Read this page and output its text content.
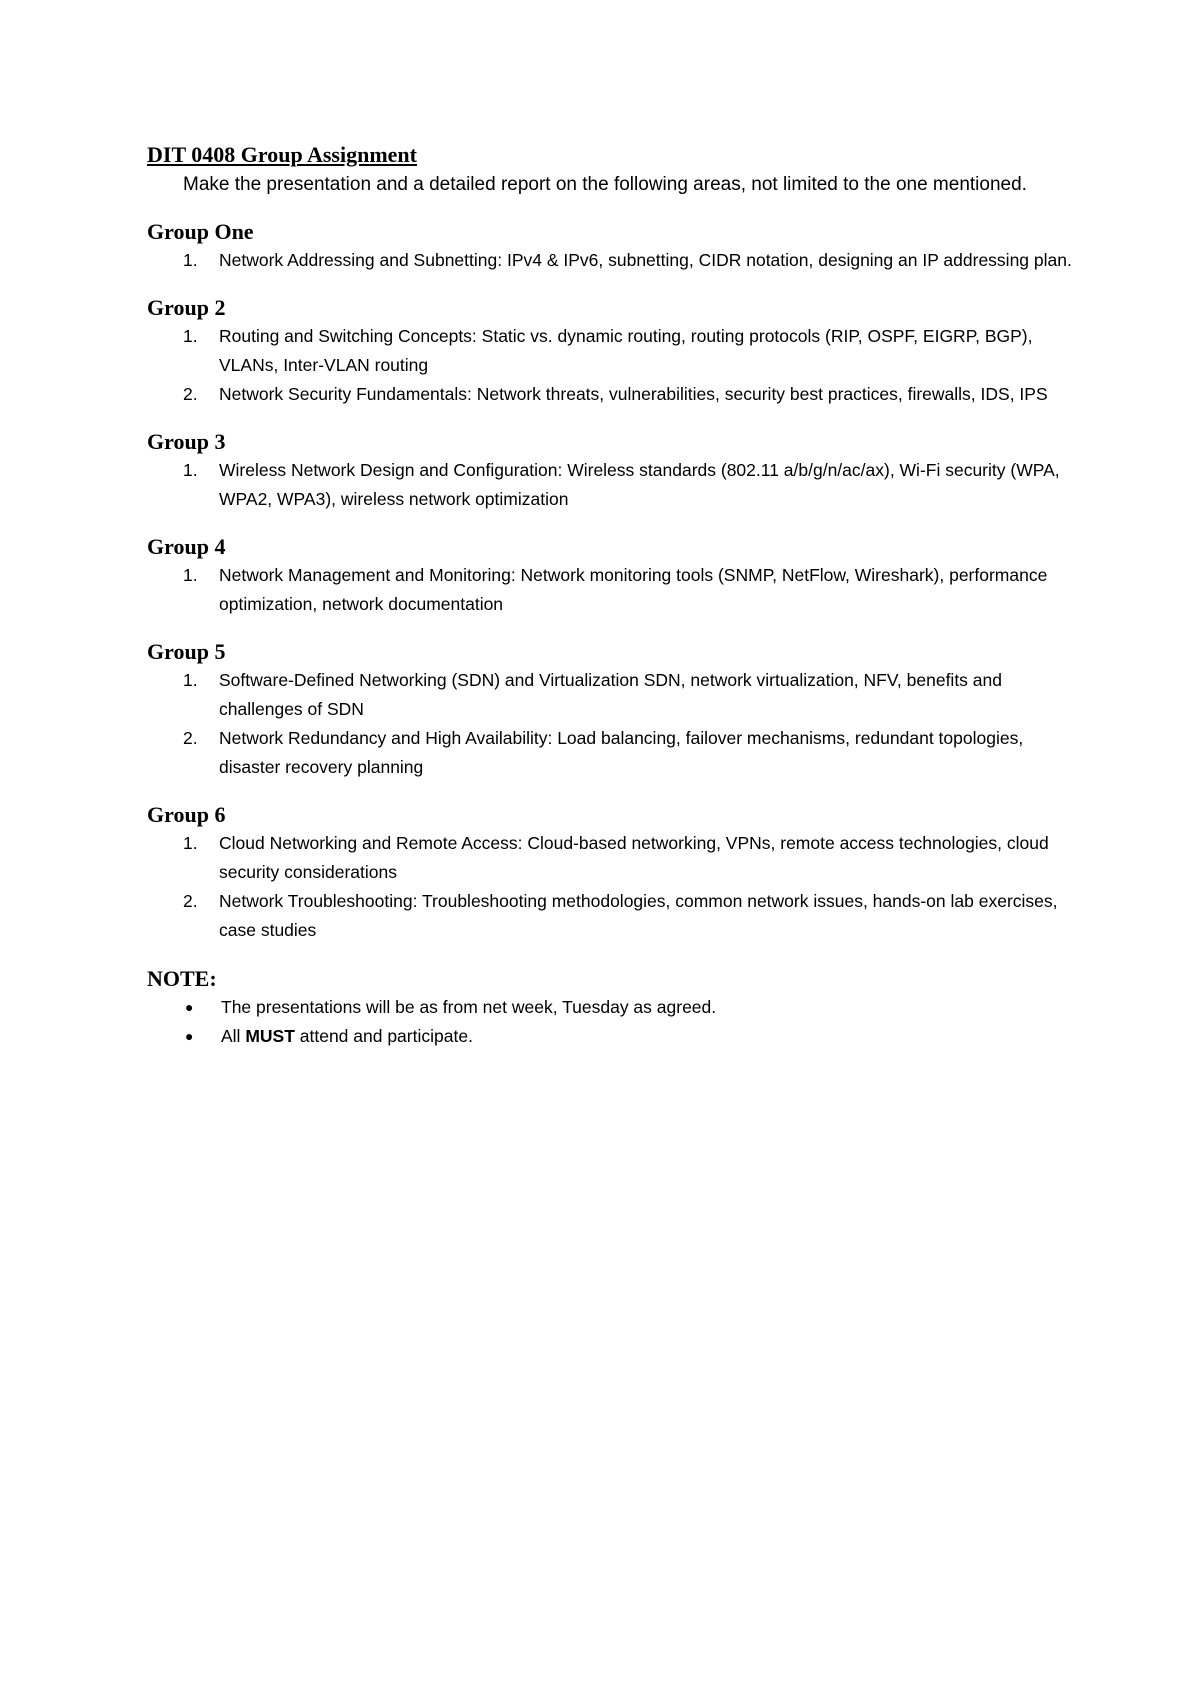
DIT 0408 Group Assignment
Make the presentation and a detailed report on the following areas, not limited to the one mentioned.
Group One
1.	Network Addressing and Subnetting: IPv4 & IPv6, subnetting, CIDR notation, designing an IP addressing plan.
Group 2
1.	Routing and Switching Concepts: Static vs. dynamic routing, routing protocols (RIP, OSPF, EIGRP, BGP), VLANs, Inter-VLAN routing
2.	Network Security Fundamentals: Network threats, vulnerabilities, security best practices, firewalls, IDS, IPS
Group 3
1.	Wireless Network Design and Configuration: Wireless standards (802.11 a/b/g/n/ac/ax), Wi-Fi security (WPA, WPA2, WPA3), wireless network optimization
Group 4
1.	Network Management and Monitoring: Network monitoring tools (SNMP, NetFlow, Wireshark), performance optimization, network documentation
Group 5
1.	Software-Defined Networking (SDN) and Virtualization SDN, network virtualization, NFV, benefits and challenges of SDN
2.	Network Redundancy and High Availability: Load balancing, failover mechanisms, redundant topologies, disaster recovery planning
Group 6
1.	Cloud Networking and Remote Access: Cloud-based networking, VPNs, remote access technologies, cloud security considerations
2.	Network Troubleshooting: Troubleshooting methodologies, common network issues, hands-on lab exercises, case studies
NOTE:
●	The presentations will be as from net week, Tuesday as agreed.
●	All MUST attend and participate.
